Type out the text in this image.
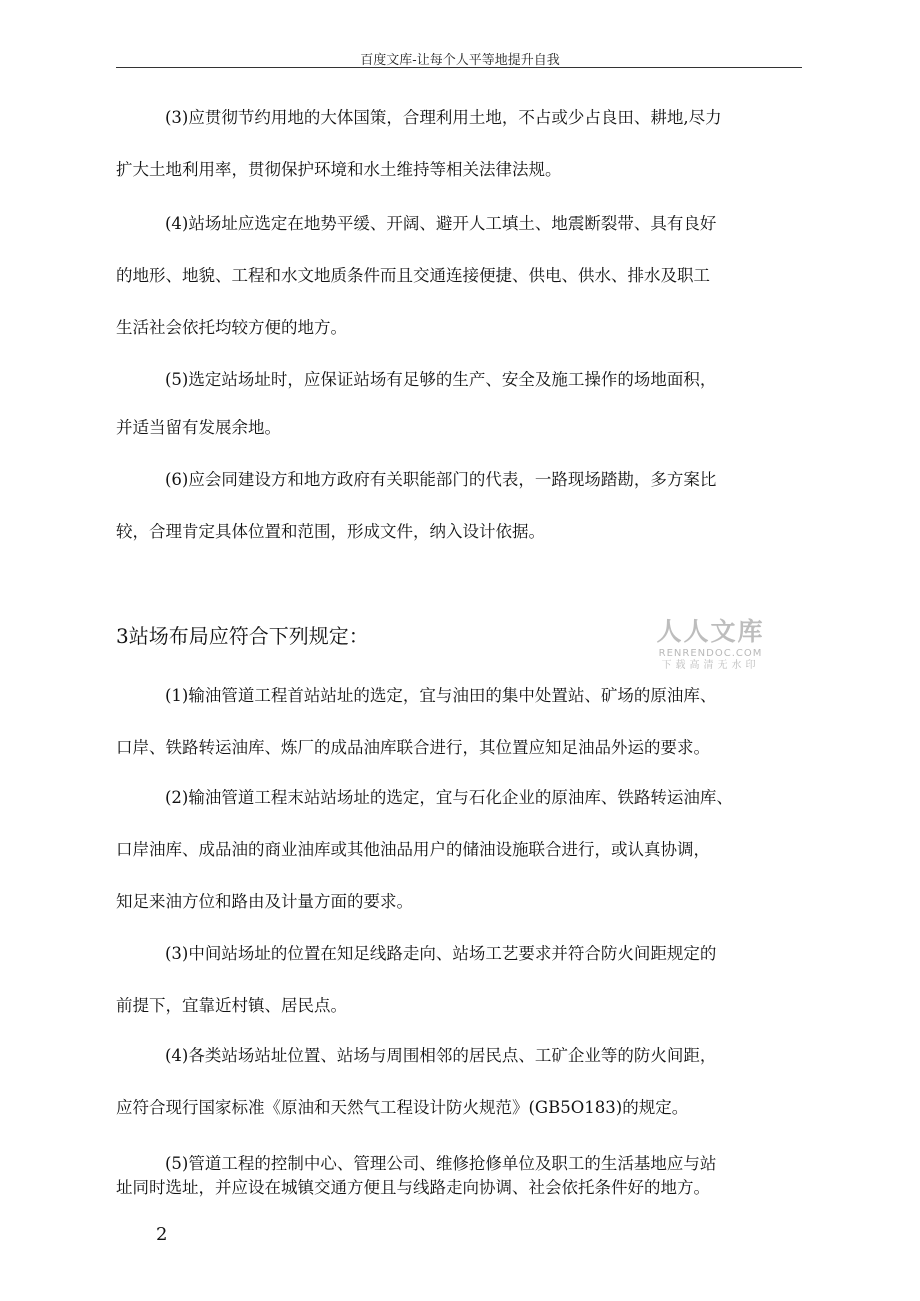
百度文库-让每个人平等地提升自我
(3)应贯彻节约用地的大体国策，合理利用土地，不占或少占良田、耕地,尽力
扩大土地利用率，贯彻保护环境和水土维持等相关法律法规。
(4)站场址应选定在地势平缓、开阔、避开人工填土、地震断裂带、具有良好
的地形、地貌、工程和水文地质条件而且交通连接便捷、供电、供水、排水及职工
生活社会依托均较方便的地方。
(5)选定站场址时，应保证站场有足够的生产、安全及施工操作的场地面积，
并适当留有发展余地。
(6)应会同建设方和地方政府有关职能部门的代表，一路现场踏勘，多方案比
较，合理肯定具体位置和范围，形成文件，纳入设计依据。
3站场布局应符合下列规定：	人人文库
RENRENDOC.COM
下载高清无水印
(1)输油管道工程首站站址的选定，宜与油田的集中处置站、矿场的原油库、
口岸、铁路转运油库、炼厂的成品油库联合进行，其位置应知足油品外运的要求。
(2)输油管道工程末站站场址的选定，宜与石化企业的原油库、铁路转运油库、
口岸油库、成品油的商业油库或其他油品用户的储油设施联合进行，或认真协调，
知足来油方位和路由及计量方面的要求。
(3)中间站场址的位置在知足线路走向、站场工艺要求并符合防火间距规定的
前提下，宜靠近村镇、居民点。
(4)各类站场站址位置、站场与周围相邻的居民点、工矿企业等的防火间距，
应符合现行国家标准《原油和天然气工程设计防火规范》(GB5O183)的规定。
(5)管道工程的控制中心、管理公司、维修抢修单位及职工的生活基地应与站
址同时选址，并应设在城镇交通方便且与线路走向协调、社会依托条件好的地方。
2
